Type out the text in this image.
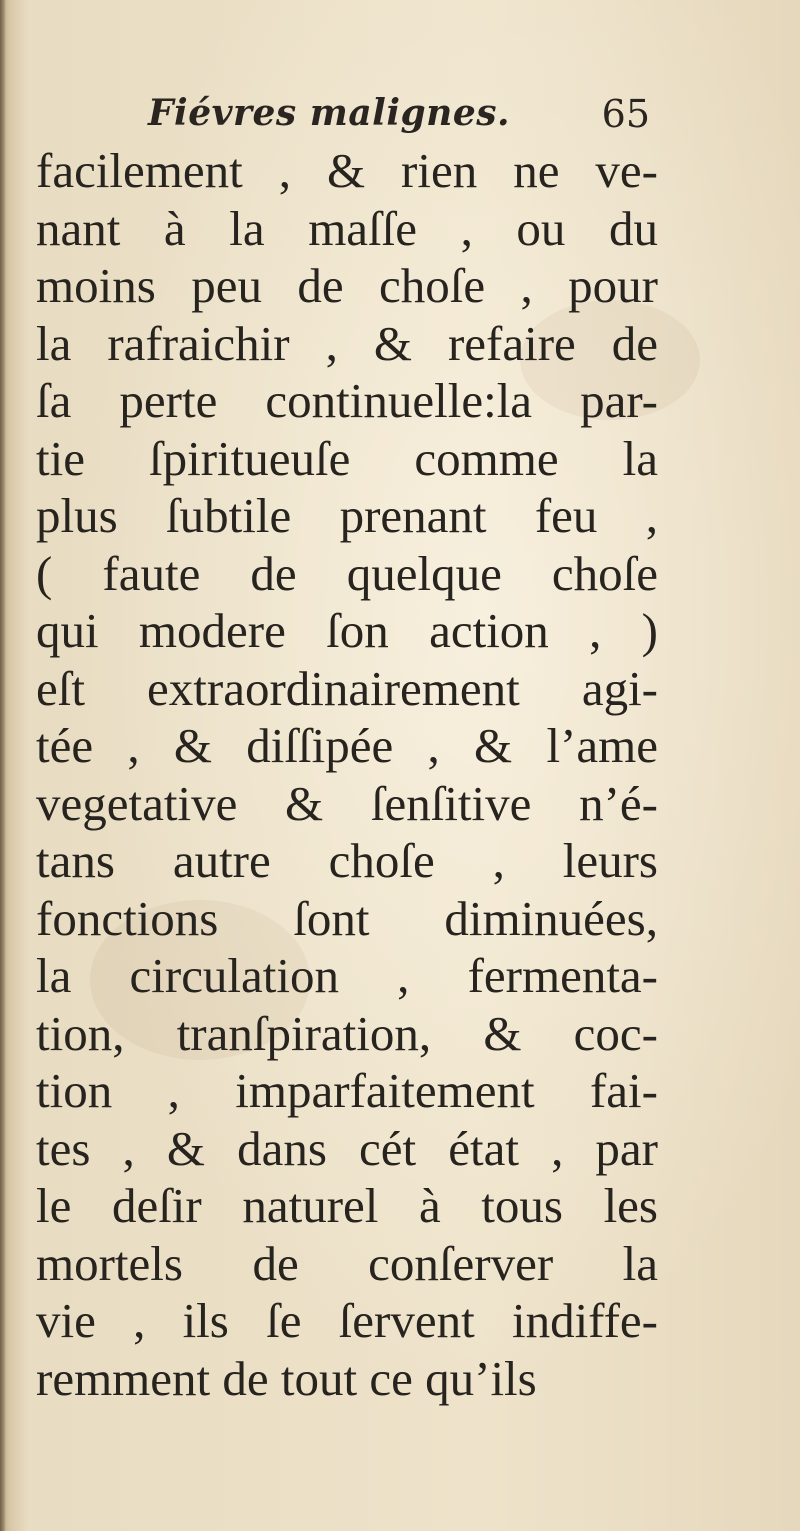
Fiévres malignes. 65
facilement , & rien ne ve-
nant à la maſſe , ou du
moins peu de choſe , pour
la rafraichir , & refaire de
ſa perte continuelle:la par-
tie ſpiritueuſe comme la
plus ſubtile prenant feu ,
( faute de quelque choſe
qui modere ſon action , )
eſt extraordinairement agi-
tée , & diſſipée , & l’ame
vegetative & ſenſitive n’é-
tans autre choſe , leurs
fonctions ſont diminuées,
la circulation , fermenta-
tion, tranſpiration, & coc-
tion , imparfaitement fai-
tes , & dans cét état , par
le deſir naturel à tous les
mortels de conſerver la
vie , ils ſe ſervent indiffe-
remment de tout ce qu’ils
